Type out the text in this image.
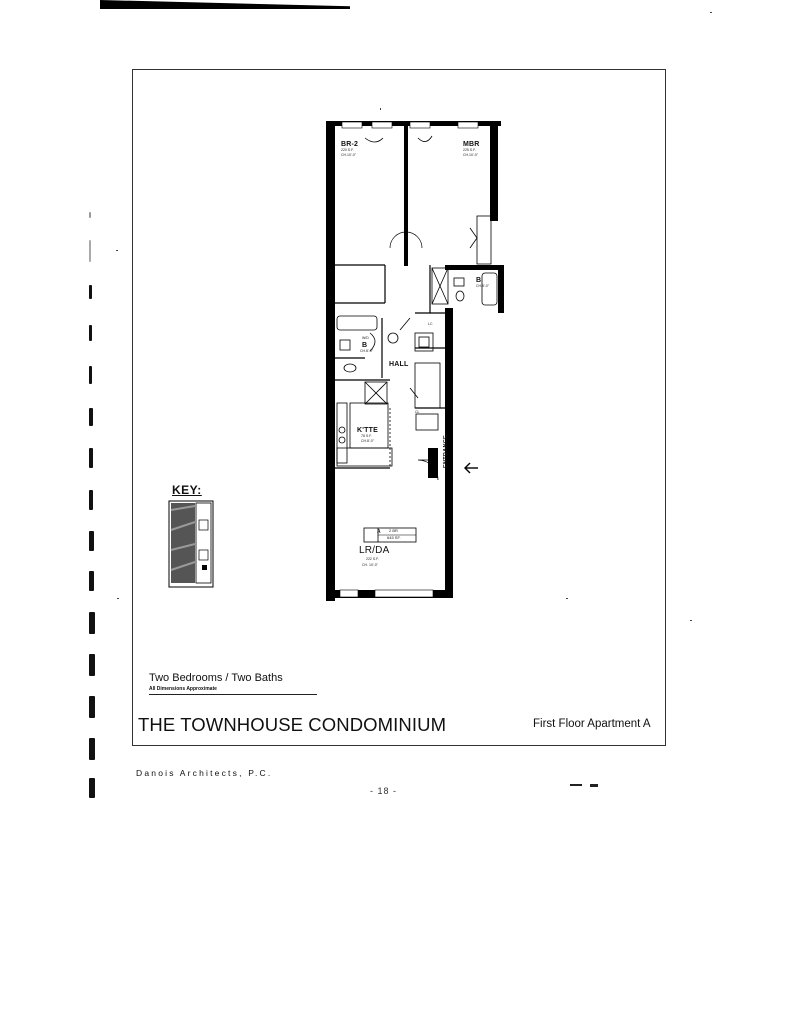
BR-2
220 S.F.
CH.10'-0"
MBR
225 S.F.
CH.10'-0"
B
CH.8'-0"
B
CH.8'-0"
HALL
K'TTE
78 S.F.
CH.8'-0"
A 2 BR
645 SF.
LR/DA
222 S.F.
CH. 10'-0"
LC
CL
W/D
ENTRANCE
KEY:
Two Bedrooms / Two Baths
All Dimensions Approximate
THE TOWNHOUSE CONDOMINIUM	First Floor Apartment A
Danois Architects, P.C.
- 18 -
